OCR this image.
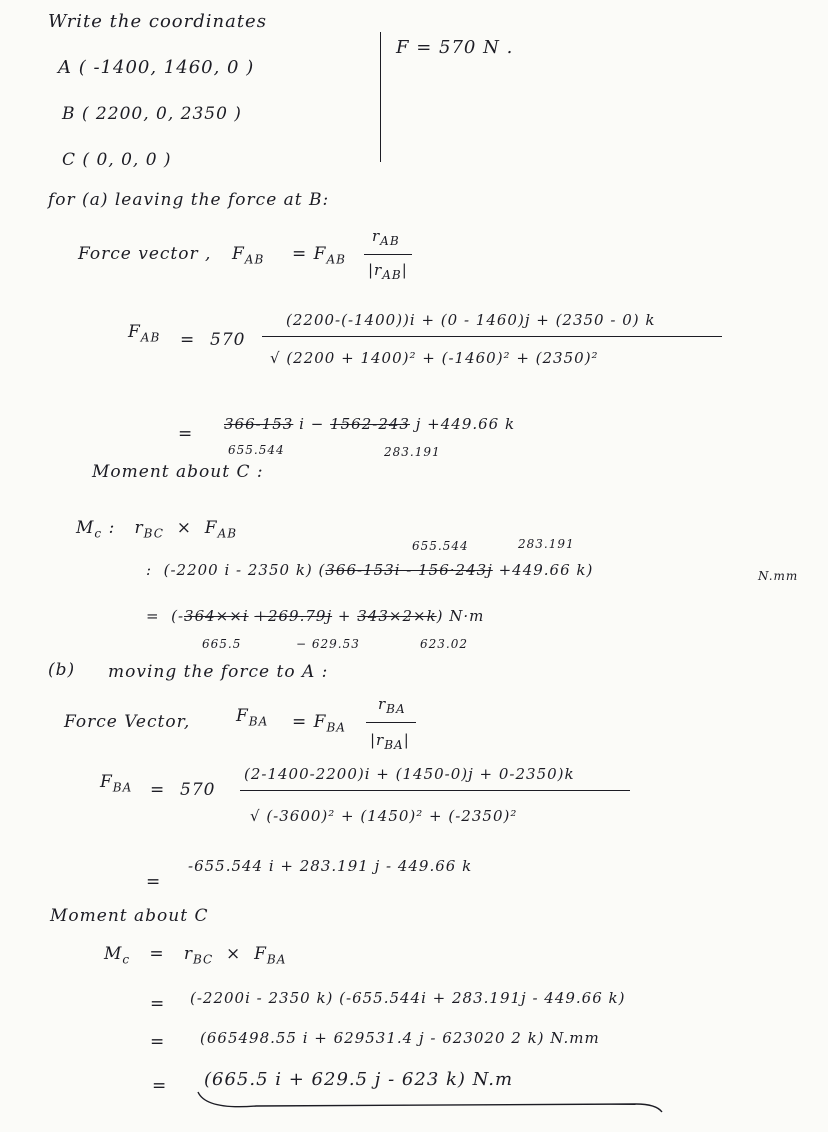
Write the coordinates
A ( -1400, 1460, 0 )
B ( 2200, 0, 2350 )
C ( 0, 0, 0 )
F = 570 N .
for (a) leaving the force at B:
Force vector , $F_{AB} = F_{AB}$
$r_{AB}$
$|r_{AB}|$
$F_{AB} = 570$
(2200-(-1400))i + (0 - 1460)j + (2350 - 0) k
√ (2200 + 1400)² + (-1460)² + (2350)²
= 366-153 i − 1562-243 j +449.66 k
655.544	283.191
Moment about C :
$M_c$ : $r_{BC} \times F_{AB}$
655.544	283.191
: (-2200 i - 2350 k) (366-153i - 156·243j +449.66 k)	N.mm
= (-364××i +269.79j + 343×2×k) N·m
665.5	− 629.53	623.02
(b) moving the force to A :
Force Vector,	$F_{BA} = F_{BA}$
$r_{BA}$
$|r_{BA}|$
$F_{BA} = 570$
(2-1400-2200)i + (1450-0)j + 0-2350)k
√ (-3600)² + (1450)² + (-2350)²
=
-655.544 i + 283.191 j - 449.66 k
Moment about C
$M_c = r_{BC} \times F_{BA}$
= (-2200i - 2350 k) (-655.544i + 283.191j - 449.66 k)
= (665498.55 i + 629531.4 j - 623020 2 k) N.mm
= (665.5 i + 629.5 j - 623 k) N.m
